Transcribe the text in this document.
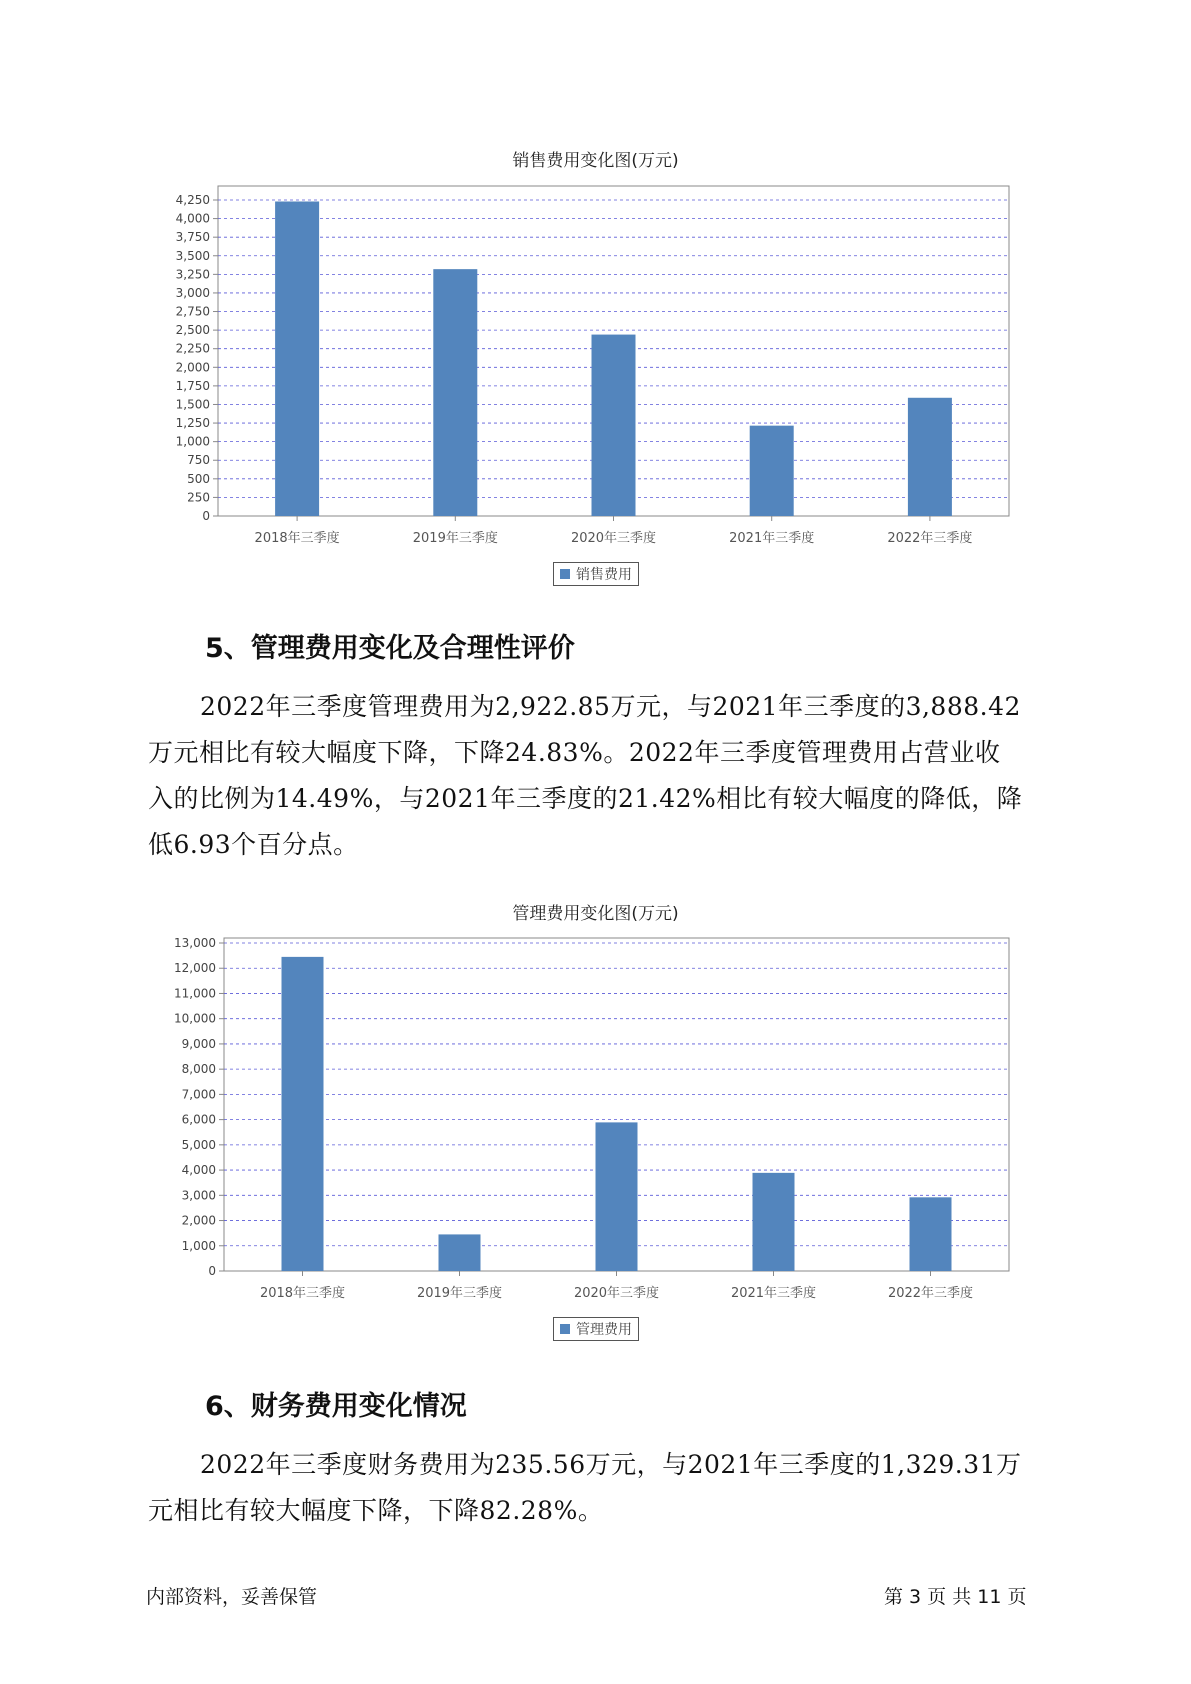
销售费用变化图(万元)
0
250
500
750
1,000
1,250
1,500
1,750
2,000
2,250
2,500
2,750
3,000
3,250
3,500
3,750
4,000
4,250
2018年三季度	2019年三季度	2020年三季度	2021年三季度	2022年三季度
销售费用
5、管理费用变化及合理性评价
2022年三季度管理费用为2,922.85万元，与2021年三季度的3,888.42
万元相比有较大幅度下降，下降24.83%。2022年三季度管理费用占营业收
入的比例为14.49%，与2021年三季度的21.42%相比有较大幅度的降低，降
低6.93个百分点。
管理费用变化图(万元)
0
1,000
2,000
3,000
4,000
5,000
6,000
7,000
8,000
9,000
10,000
11,000
12,000
13,000
2018年三季度	2019年三季度	2020年三季度	2021年三季度	2022年三季度
管理费用
6、财务费用变化情况
2022年三季度财务费用为235.56万元，与2021年三季度的1,329.31万
元相比有较大幅度下降，下降82.28%。
内部资料，妥善保管	第 3 页 共 11 页
